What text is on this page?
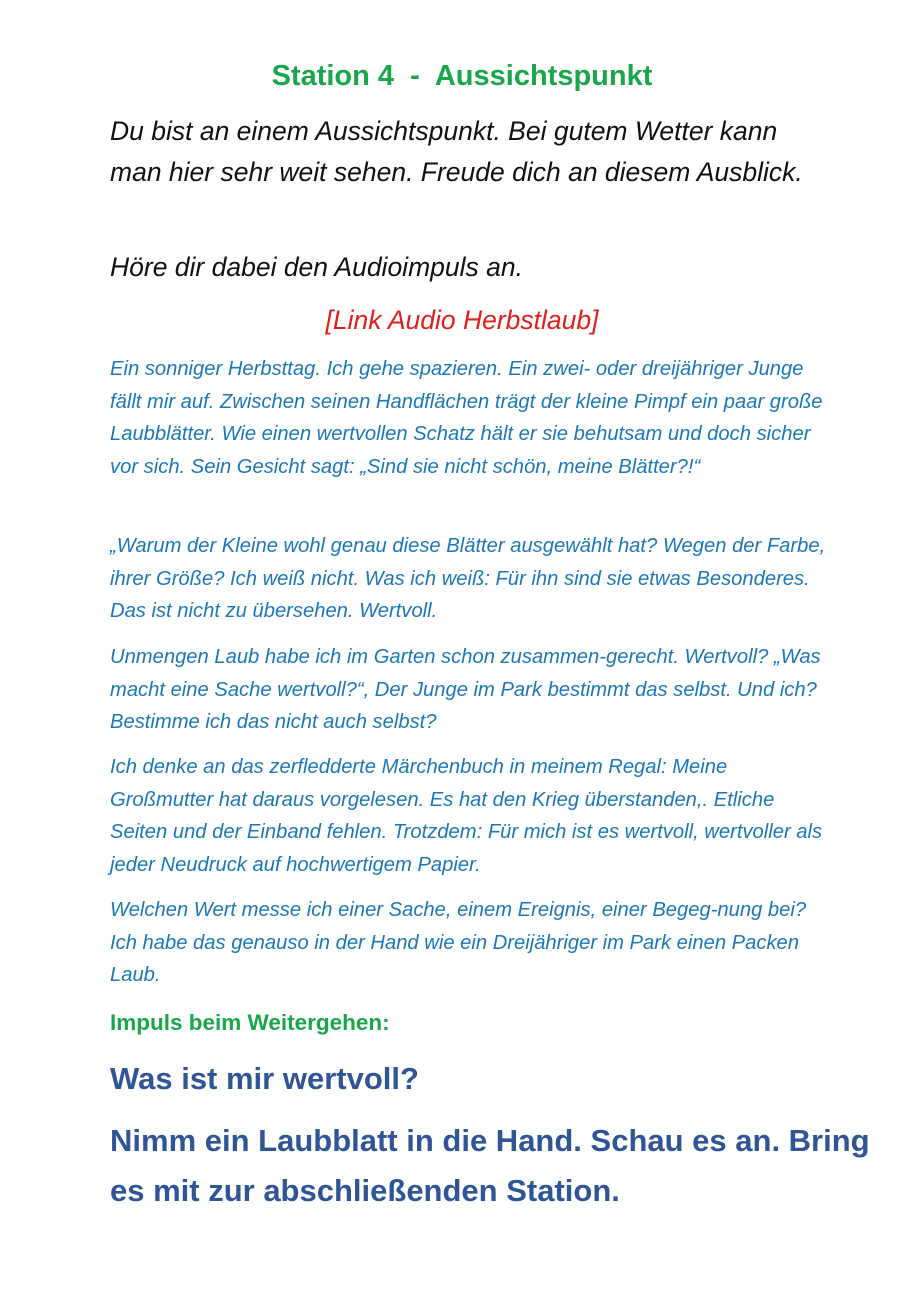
Station 4  -  Aussichtspunkt

Du bist an einem Aussichtspunkt. Bei gutem Wetter kann man hier sehr weit sehen. Freude dich an diesem Ausblick.

Höre dir dabei den Audioimpuls an.

[Link Audio Herbstlaub]

Ein sonniger Herbsttag. Ich gehe spazieren. Ein zwei- oder dreijähriger Junge fällt mir auf. Zwischen seinen Handflächen trägt der kleine Pimpf ein paar große Laubblätter. Wie einen wertvollen Schatz hält er sie behutsam und doch sicher vor sich. Sein Gesicht sagt: „Sind sie nicht schön, meine Blätter?!“

„Warum der Kleine wohl genau diese Blätter ausgewählt hat? Wegen der Farbe, ihrer Größe? Ich weiß nicht. Was ich weiß: Für ihn sind sie etwas Besonderes. Das ist nicht zu übersehen. Wertvoll.

Unmengen Laub habe ich im Garten schon zusammen-gerecht. Wertvoll? „Was macht eine Sache wertvoll?“, Der Junge im Park bestimmt das selbst. Und ich? Bestimme ich das nicht auch selbst?

Ich denke an das zerfledderte Märchenbuch in meinem Regal: Meine Großmutter hat daraus vorgelesen. Es hat den Krieg überstanden,. Etliche Seiten und der Einband fehlen. Trotzdem: Für mich ist es wertvoll, wertvoller als jeder Neudruck auf hochwertigem Papier.

Welchen Wert messe ich einer Sache, einem Ereignis, einer Begeg-nung bei? Ich habe das genauso in der Hand wie ein Dreijähriger im Park einen Packen Laub.

Impuls beim Weitergehen:

Was ist mir wertvoll?

Nimm ein Laubblatt in die Hand. Schau es an. Bring es mit zur abschließenden Station.
